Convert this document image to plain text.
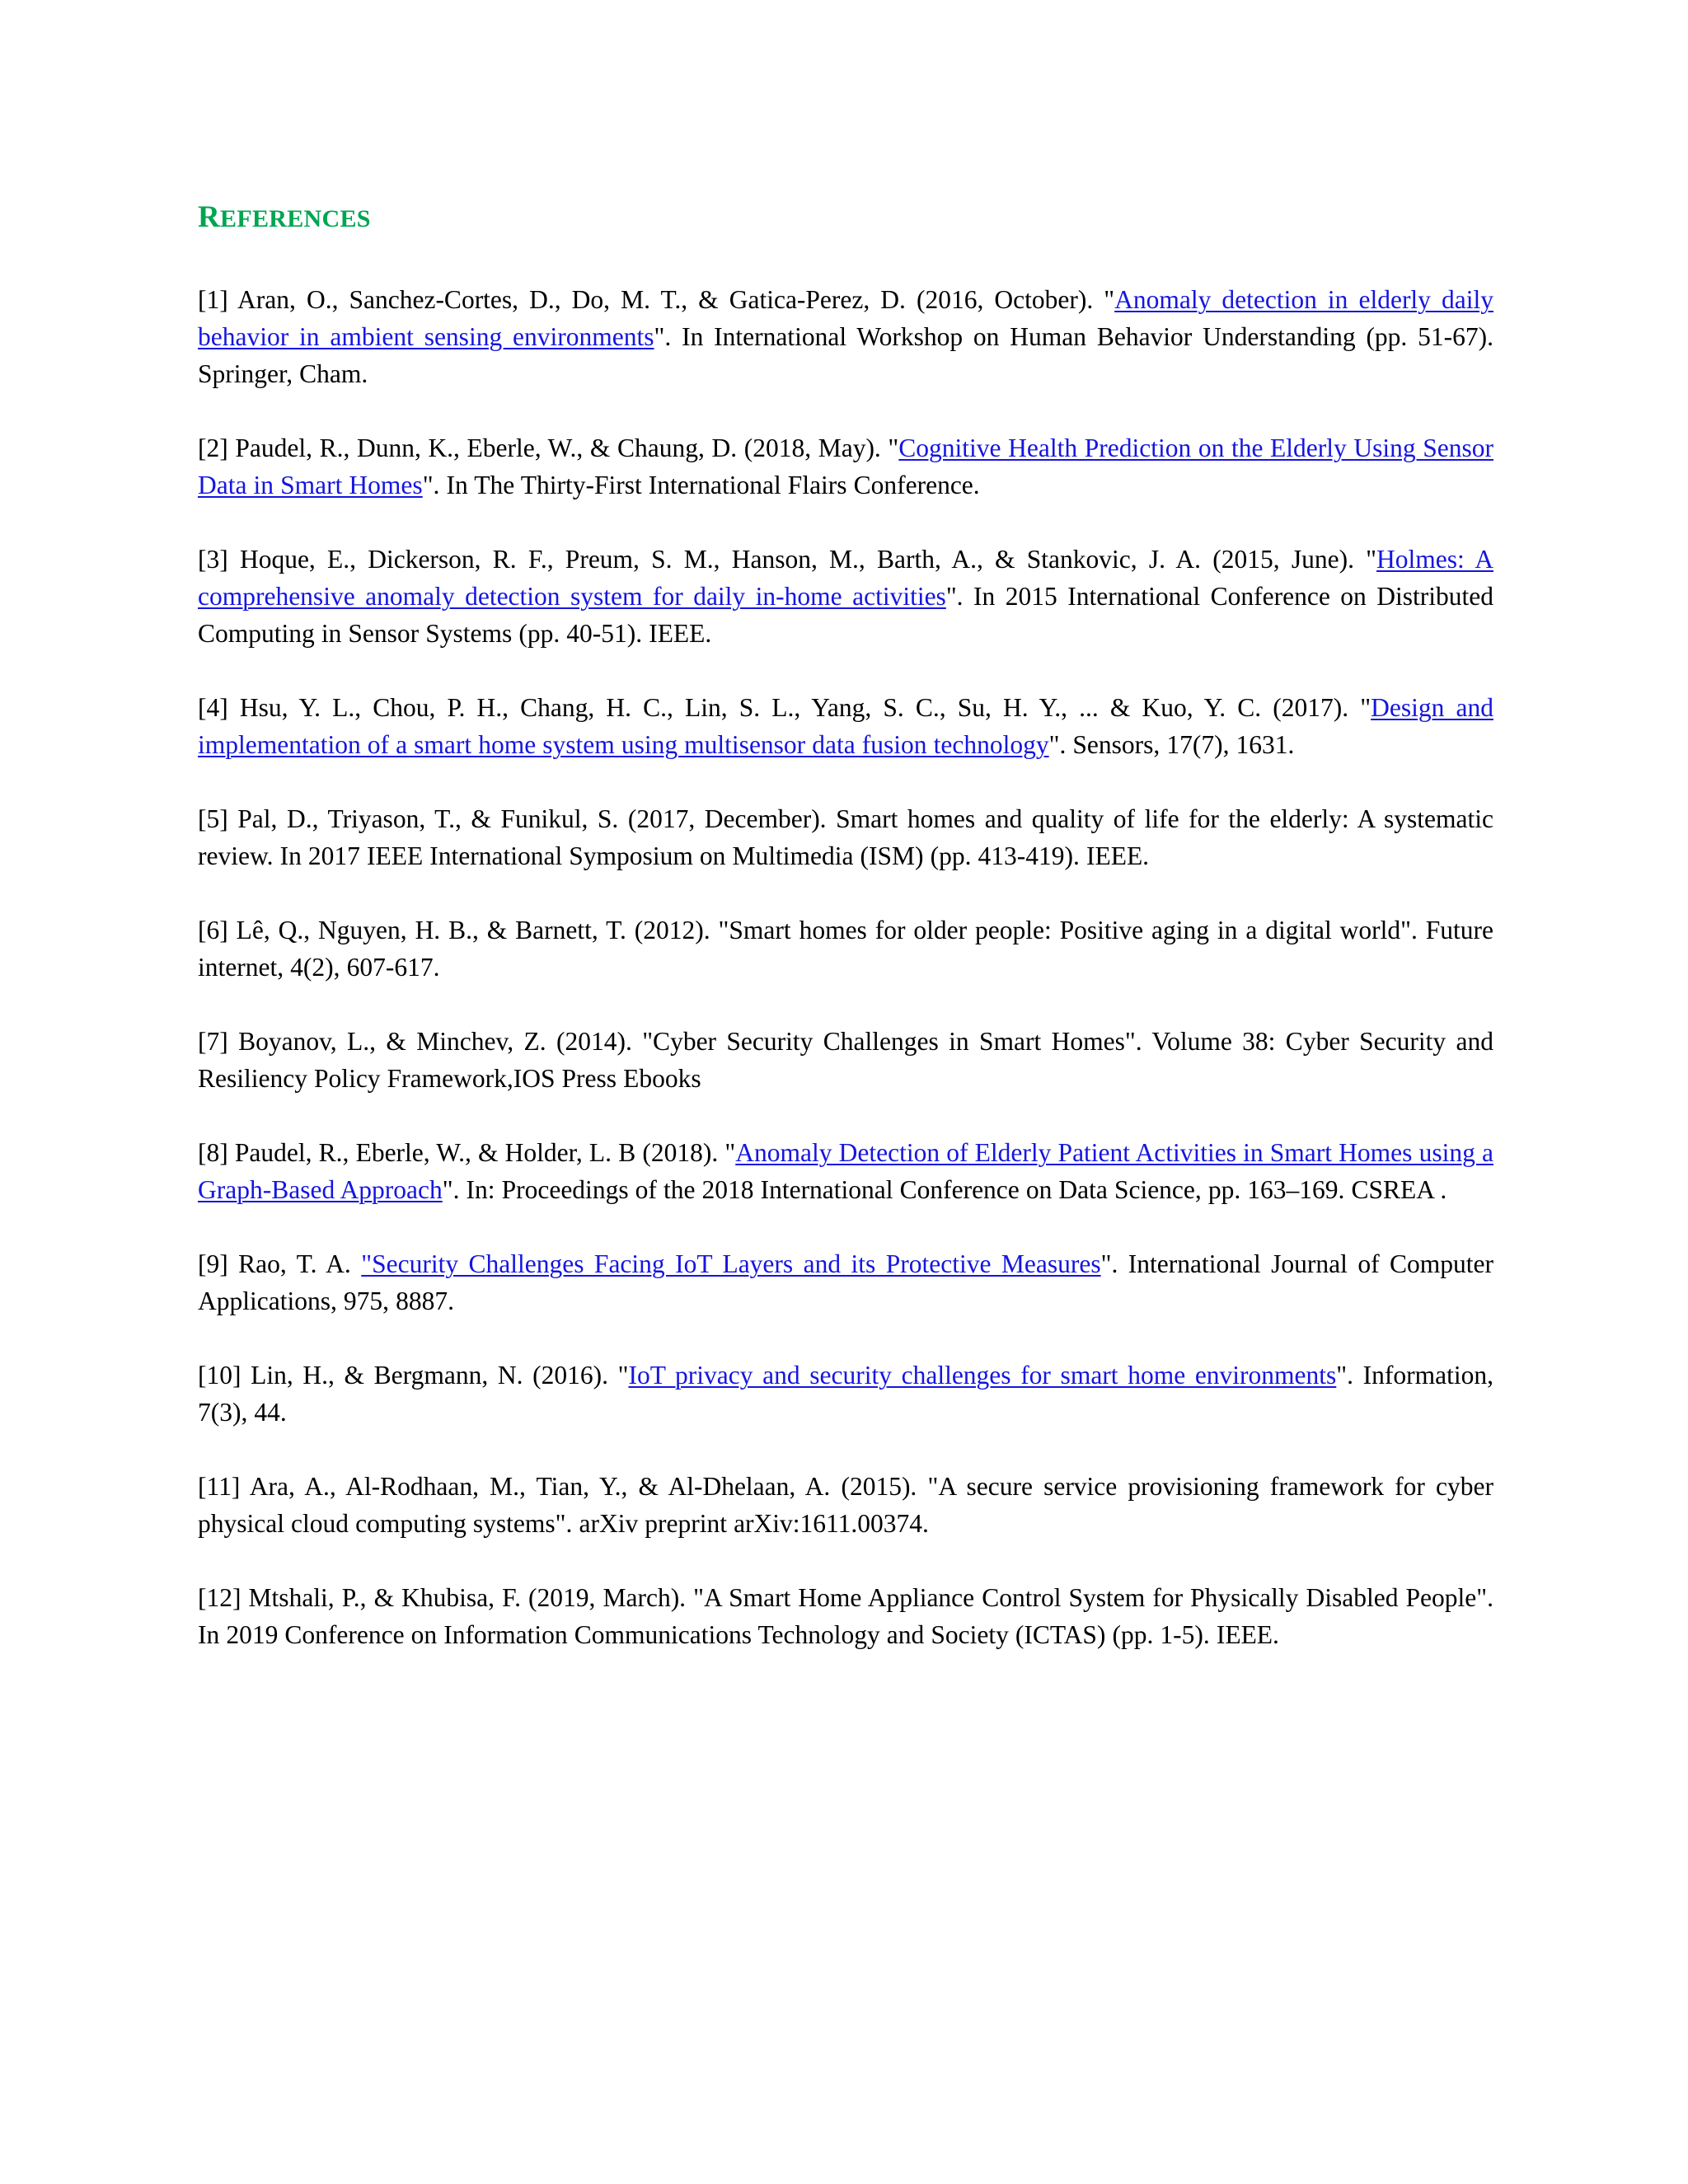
REFERENCES

[1] Aran, O., Sanchez-Cortes, D., Do, M. T., & Gatica-Perez, D. (2016, October). "Anomaly detection in elderly daily behavior in ambient sensing environments". In International Workshop on Human Behavior Understanding (pp. 51-67). Springer, Cham.

[2] Paudel, R., Dunn, K., Eberle, W., & Chaung, D. (2018, May). "Cognitive Health Prediction on the Elderly Using Sensor Data in Smart Homes". In The Thirty-First International Flairs Conference.

[3] Hoque, E., Dickerson, R. F., Preum, S. M., Hanson, M., Barth, A., & Stankovic, J. A. (2015, June). "Holmes: A comprehensive anomaly detection system for daily in-home activities". In 2015 International Conference on Distributed Computing in Sensor Systems (pp. 40-51). IEEE.

[4] Hsu, Y. L., Chou, P. H., Chang, H. C., Lin, S. L., Yang, S. C., Su, H. Y., ... & Kuo, Y. C. (2017). "Design and implementation of a smart home system using multisensor data fusion technology". Sensors, 17(7), 1631.

[5] Pal, D., Triyason, T., & Funikul, S. (2017, December). Smart homes and quality of life for the elderly: A systematic review. In 2017 IEEE International Symposium on Multimedia (ISM) (pp. 413-419). IEEE.

[6] Lê, Q., Nguyen, H. B., & Barnett, T. (2012). "Smart homes for older people: Positive aging in a digital world". Future internet, 4(2), 607-617.

[7] Boyanov, L., & Minchev, Z. (2014). "Cyber Security Challenges in Smart Homes". Volume 38: Cyber Security and Resiliency Policy Framework,IOS Press Ebooks

[8] Paudel, R., Eberle, W., & Holder, L. B (2018). "Anomaly Detection of Elderly Patient Activities in Smart Homes using a Graph-Based Approach". In: Proceedings of the 2018 International Conference on Data Science, pp. 163–169. CSREA .

[9] Rao, T. A. "Security Challenges Facing IoT Layers and its Protective Measures". International Journal of Computer Applications, 975, 8887.

[10] Lin, H., & Bergmann, N. (2016). "IoT privacy and security challenges for smart home environments". Information, 7(3), 44.

[11] Ara, A., Al-Rodhaan, M., Tian, Y., & Al-Dhelaan, A. (2015). "A secure service provisioning framework for cyber physical cloud computing systems". arXiv preprint arXiv:1611.00374.

[12] Mtshali, P., & Khubisa, F. (2019, March). "A Smart Home Appliance Control System for Physically Disabled People". In 2019 Conference on Information Communications Technology and Society (ICTAS) (pp. 1-5). IEEE.
